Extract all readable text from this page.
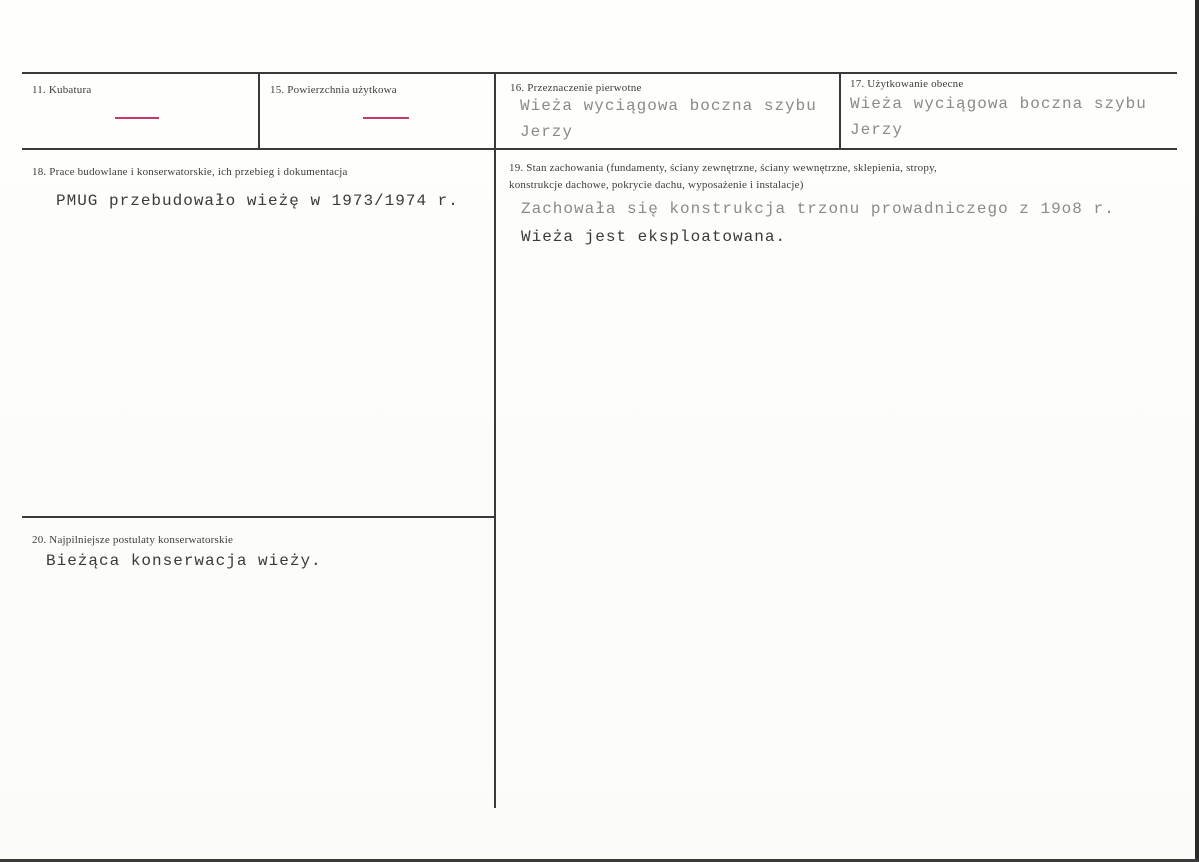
11. Kubatura	15. Powierzchnia użytkowa	16. Przeznaczenie pierwotne
Wieża wyciągowa boczna szybu
Jerzy
17. Użytkowanie obecne
Wieża wyciągowa boczna szybu
Jerzy
18. Prace budowlane i konserwatorskie, ich przebieg i dokumentacja
PMUG przebudowało wieżę w 1973/1974 r.
19. Stan zachowania (fundamenty, ściany zewnętrzne, ściany wewnętrzne, sklepienia, stropy,
konstrukcje dachowe, pokrycie dachu, wyposażenie i instalacje)
Zachowała się konstrukcja trzonu prowadniczego z 19o8 r.
Wieża jest eksploatowana.
20. Najpilniejsze postulaty konserwatorskie
Bieżąca konserwacja wieży.
